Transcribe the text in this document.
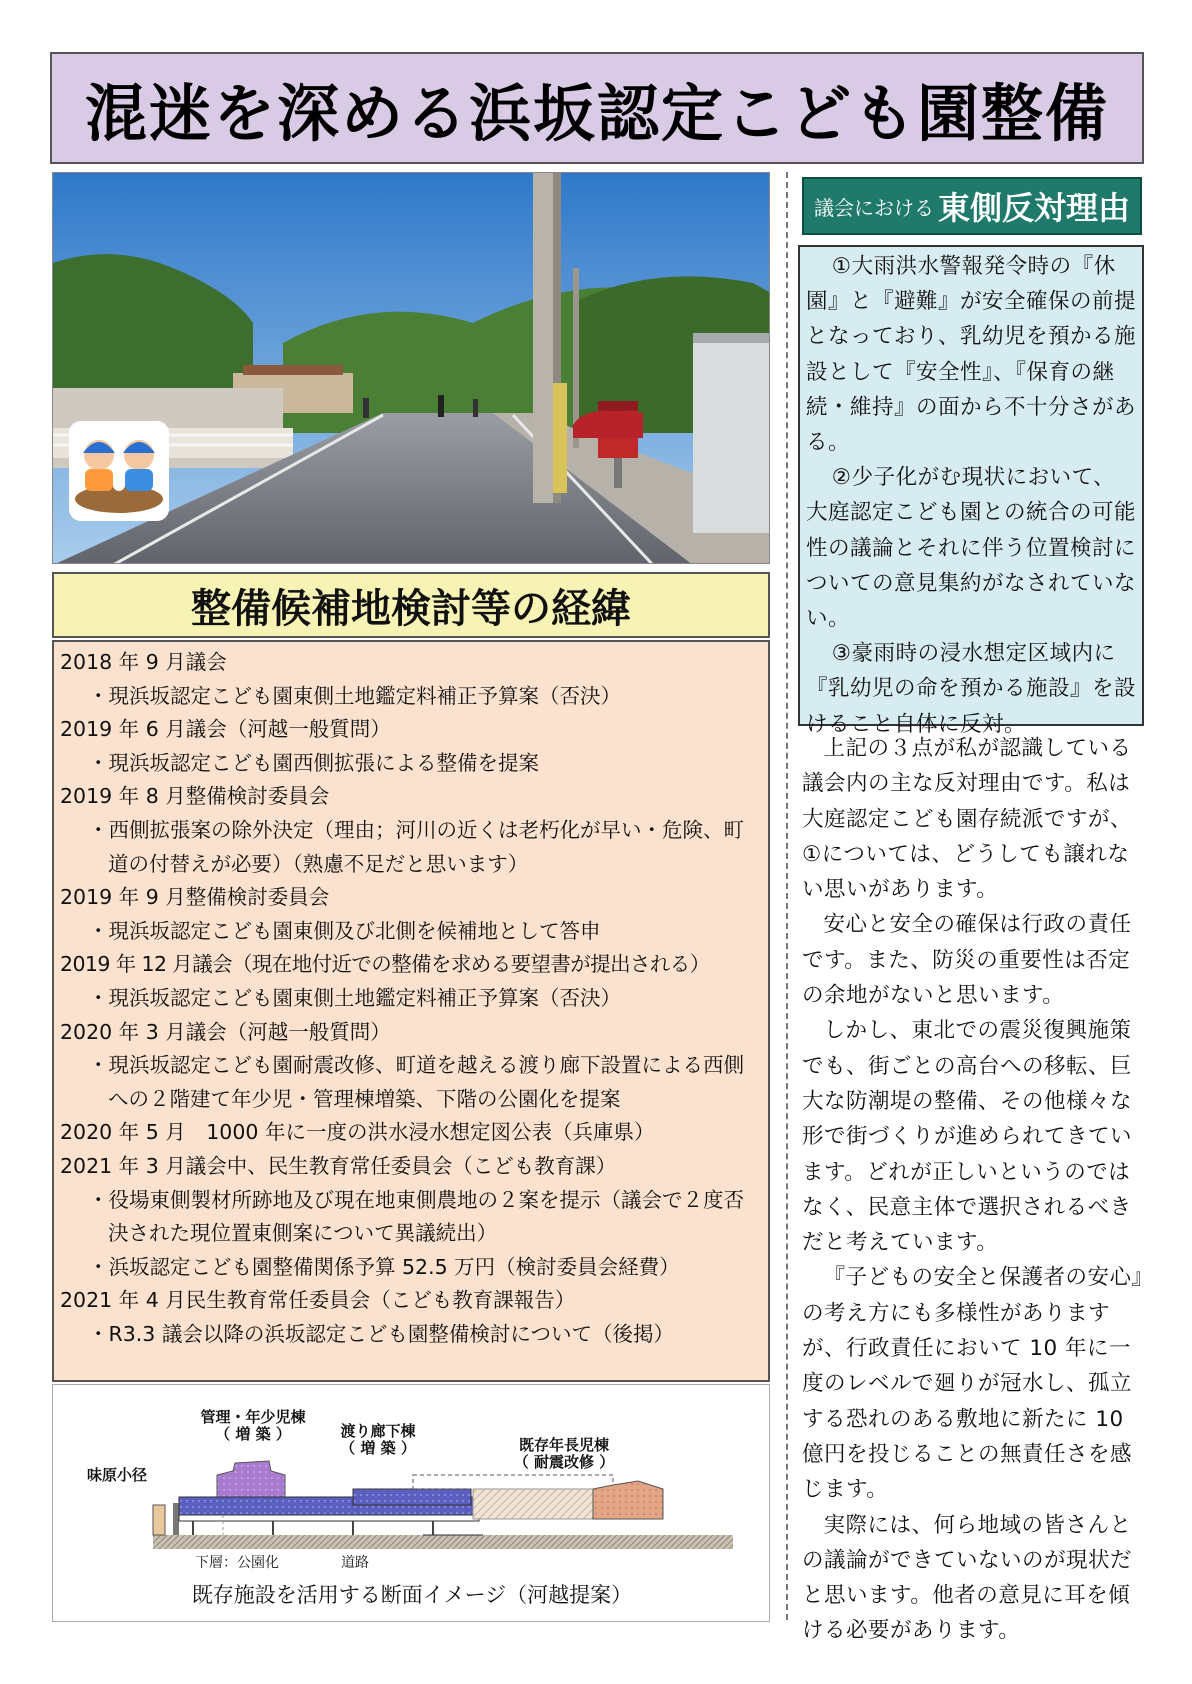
混迷を深める浜坂認定こども園整備
議会における 東側反対理由

①大雨洪水警報発令時の『休園』と『避難』が安全確保の前提となっており、乳幼児を預かる施設として『安全性』、『保育の継続・維持』の面から不十分さがある。

②少子化がむ現状において、大庭認定こども園との統合の可能性の議論とそれに伴う位置検討についての意見集約がなされていない。

③豪雨時の浸水想定区域内に『乳幼児の命を預かる施設』を設けること自体に反対。

上記の３点が私が認識している議会内の主な反対理由です。私は大庭認定こども園存続派ですが、①については、どうしても譲れない思いがあります。

安心と安全の確保は行政の責任です。また、防災の重要性は否定の余地がないと思います。

しかし、東北での震災復興施策でも、街ごとの高台への移転、巨大な防潮堤の整備、その他様々な形で街づくりが進められてきています。どれが正しいというのではなく、民意主体で選択されるべきだと考えています。

『子どもの安全と保護者の安心』の考え方にも多様性がありますが、行政責任において 10 年に一度のレベルで廻りが冠水し、孤立する恐れのある敷地に新たに 10 億円を投じることの無責任さを感じます。

実際には、何ら地域の皆さんとの議論ができていないのが現状だと思います。他者の意見に耳を傾ける必要があります。

整備候補地検討等の経緯

2018 年 9 月議会

・現浜坂認定こども園東側土地鑑定料補正予算案（否決）

2019 年 6 月議会（河越一般質問）

・現浜坂認定こども園西側拡張による整備を提案

2019 年 8 月整備検討委員会

・西側拡張案の除外決定（理由；河川の近くは老朽化が早い・危険、町道の付替えが必要）（熟慮不足だと思います）

2019 年 9 月整備検討委員会

・現浜坂認定こども園東側及び北側を候補地として答申

2019 年 12 月議会（現在地付近での整備を求める要望書が提出される）

・現浜坂認定こども園東側土地鑑定料補正予算案（否決）

2020 年 3 月議会（河越一般質問）

・現浜坂認定こども園耐震改修、町道を越える渡り廊下設置による西側への２階建て年少児・管理棟増築、下階の公園化を提案

2020 年 5 月　1000 年に一度の洪水浸水想定図公表（兵庫県）

2021 年 3 月議会中、民生教育常任委員会（こども教育課）

・役場東側製材所跡地及び現在地東側農地の２案を提示（議会で２度否決された現位置東側案について異議続出）

・浜坂認定こども園整備関係予算 52.5 万円（検討委員会経費）

2021 年 4 月民生教育常任委員会（こども教育課報告）

・R3.3 議会以降の浜坂認定こども園整備検討について（後掲）

管理・年少児棟
（ 増 築 ）	渡り廊下棟
（ 増 築 ）	既存年長児棟
（ 耐震改修 ）
味原小径
下層：公園化	道路
既存施設を活用する断面イメージ（河越提案）
